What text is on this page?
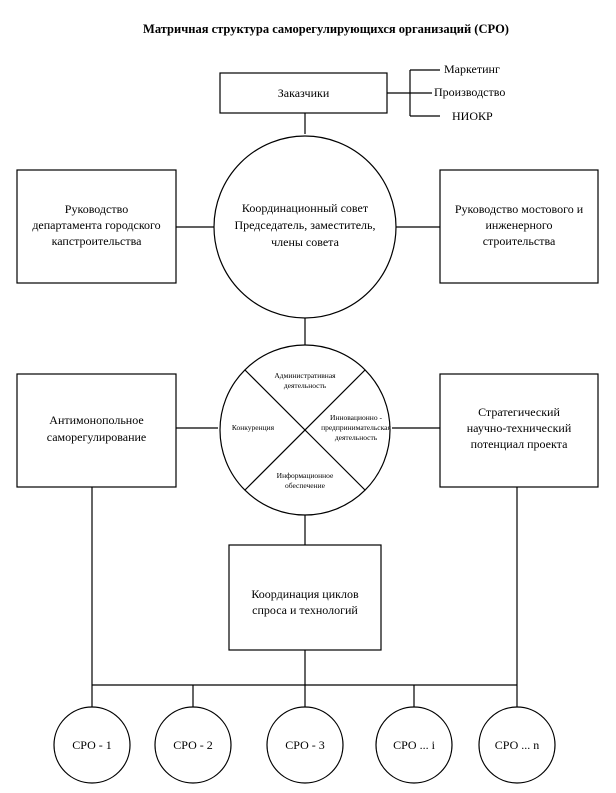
Матричная структура саморегулирующихся организаций (СРО)
Заказчики
Маркетинг
Производство
НИОКР
Координационный совет
Председатель, заместитель,
члены совета
Руководство
департамента городского
капстроительства
Руководство мостового и
инженерного
строительства
Административная
деятельность
Конкуренция
Инновационно -
предпринимательская
деятельность
Информационное
обеспечение
Антимонопольное
саморегулирование
Стратегический
научно-технический
потенциал проекта
Координация циклов
спроса и технологий
СРО - 1	СРО - 2	СРО - 3	СРО ... i	СРО ... n
